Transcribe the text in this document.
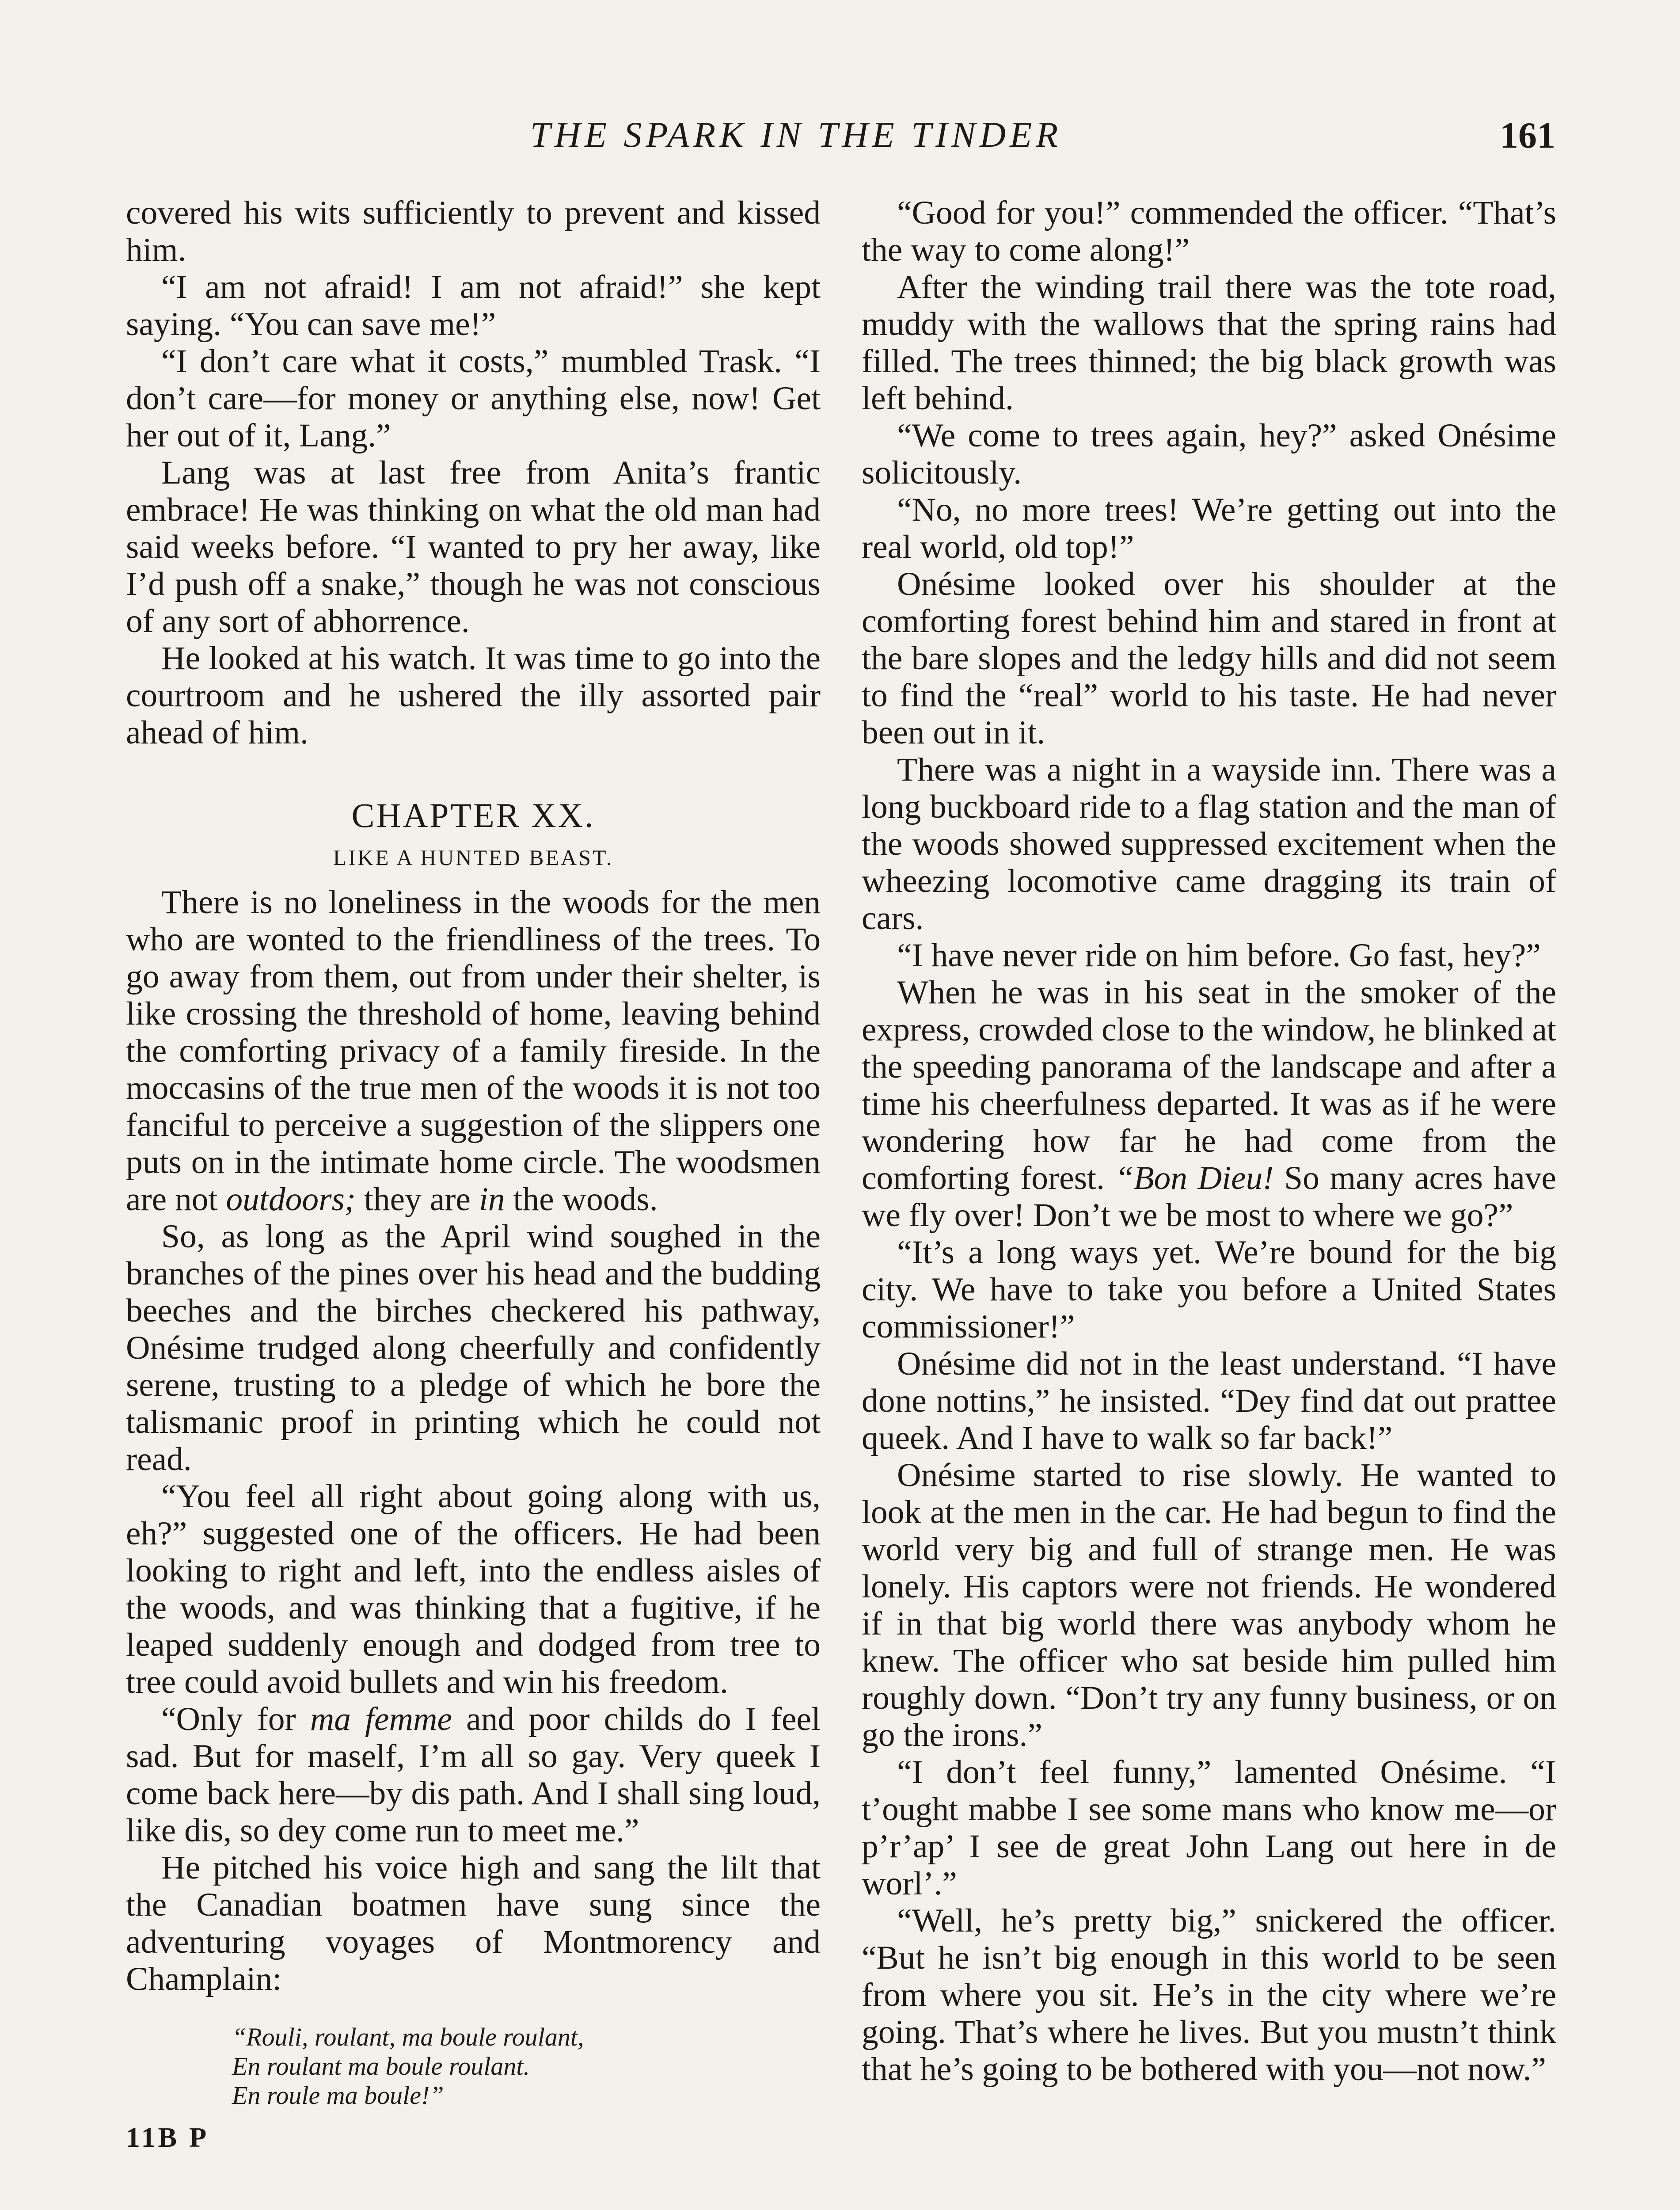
THE SPARK IN THE TINDER	161

covered his wits sufficiently to prevent and kissed him.

“I am not afraid! I am not afraid!” she kept saying. “You can save me!”

“I don’t care what it costs,” mumbled Trask. “I don’t care—for money or anything else, now! Get her out of it, Lang.”

Lang was at last free from Anita’s frantic embrace! He was thinking on what the old man had said weeks before. “I wanted to pry her away, like I’d push off a snake,” though he was not conscious of any sort of abhorrence.

He looked at his watch. It was time to go into the courtroom and he ushered the illy assorted pair ahead of him.

CHAPTER XX.
LIKE A HUNTED BEAST.

There is no loneliness in the woods for the men who are wonted to the friendliness of the trees. To go away from them, out from under their shelter, is like crossing the threshold of home, leaving behind the comforting privacy of a family fireside. In the moccasins of the true men of the woods it is not too fanciful to perceive a suggestion of the slippers one puts on in the intimate home circle. The woodsmen are not outdoors; they are in the woods.

So, as long as the April wind soughed in the branches of the pines over his head and the budding beeches and the birches checkered his pathway, Onésime trudged along cheerfully and confidently serene, trusting to a pledge of which he bore the talismanic proof in printing which he could not read.

“You feel all right about going along with us, eh?” suggested one of the officers. He had been looking to right and left, into the endless aisles of the woods, and was thinking that a fugitive, if he leaped suddenly enough and dodged from tree to tree could avoid bullets and win his freedom.

“Only for ma femme and poor childs do I feel sad. But for maself, I’m all so gay. Very queek I come back here—by dis path. And I shall sing loud, like dis, so dey come run to meet me.”

He pitched his voice high and sang the lilt that the Canadian boatmen have sung since the adventuring voyages of Montmorency and Champlain:

“Rouli, roulant, ma boule roulant,
En roulant ma boule roulant.
En roule ma boule!”
11B P

“Good for you!” commended the officer. “That’s the way to come along!”

After the winding trail there was the tote road, muddy with the wallows that the spring rains had filled. The trees thinned; the big black growth was left behind.

“We come to trees again, hey?” asked Onésime solicitously.

“No, no more trees! We’re getting out into the real world, old top!”

Onésime looked over his shoulder at the comforting forest behind him and stared in front at the bare slopes and the ledgy hills and did not seem to find the “real” world to his taste. He had never been out in it.

There was a night in a wayside inn. There was a long buckboard ride to a flag station and the man of the woods showed suppressed excitement when the wheezing locomotive came dragging its train of cars.

“I have never ride on him before. Go fast, hey?”

When he was in his seat in the smoker of the express, crowded close to the window, he blinked at the speeding panorama of the landscape and after a time his cheerfulness departed. It was as if he were wondering how far he had come from the comforting forest. “Bon Dieu! So many acres have we fly over! Don’t we be most to where we go?”

“It’s a long ways yet. We’re bound for the big city. We have to take you before a United States commissioner!”

Onésime did not in the least understand. “I have done nottins,” he insisted. “Dey find dat out prattee queek. And I have to walk so far back!”

Onésime started to rise slowly. He wanted to look at the men in the car. He had begun to find the world very big and full of strange men. He was lonely. His captors were not friends. He wondered if in that big world there was anybody whom he knew. The officer who sat beside him pulled him roughly down. “Don’t try any funny business, or on go the irons.”

“I don’t feel funny,” lamented Onésime. “I t’ought mabbe I see some mans who know me—or p’r’ap’ I see de great John Lang out here in de worl’.”

“Well, he’s pretty big,” snickered the officer. “But he isn’t big enough in this world to be seen from where you sit. He’s in the city where we’re going. That’s where he lives. But you mustn’t think that he’s going to be bothered with you—not now.”
